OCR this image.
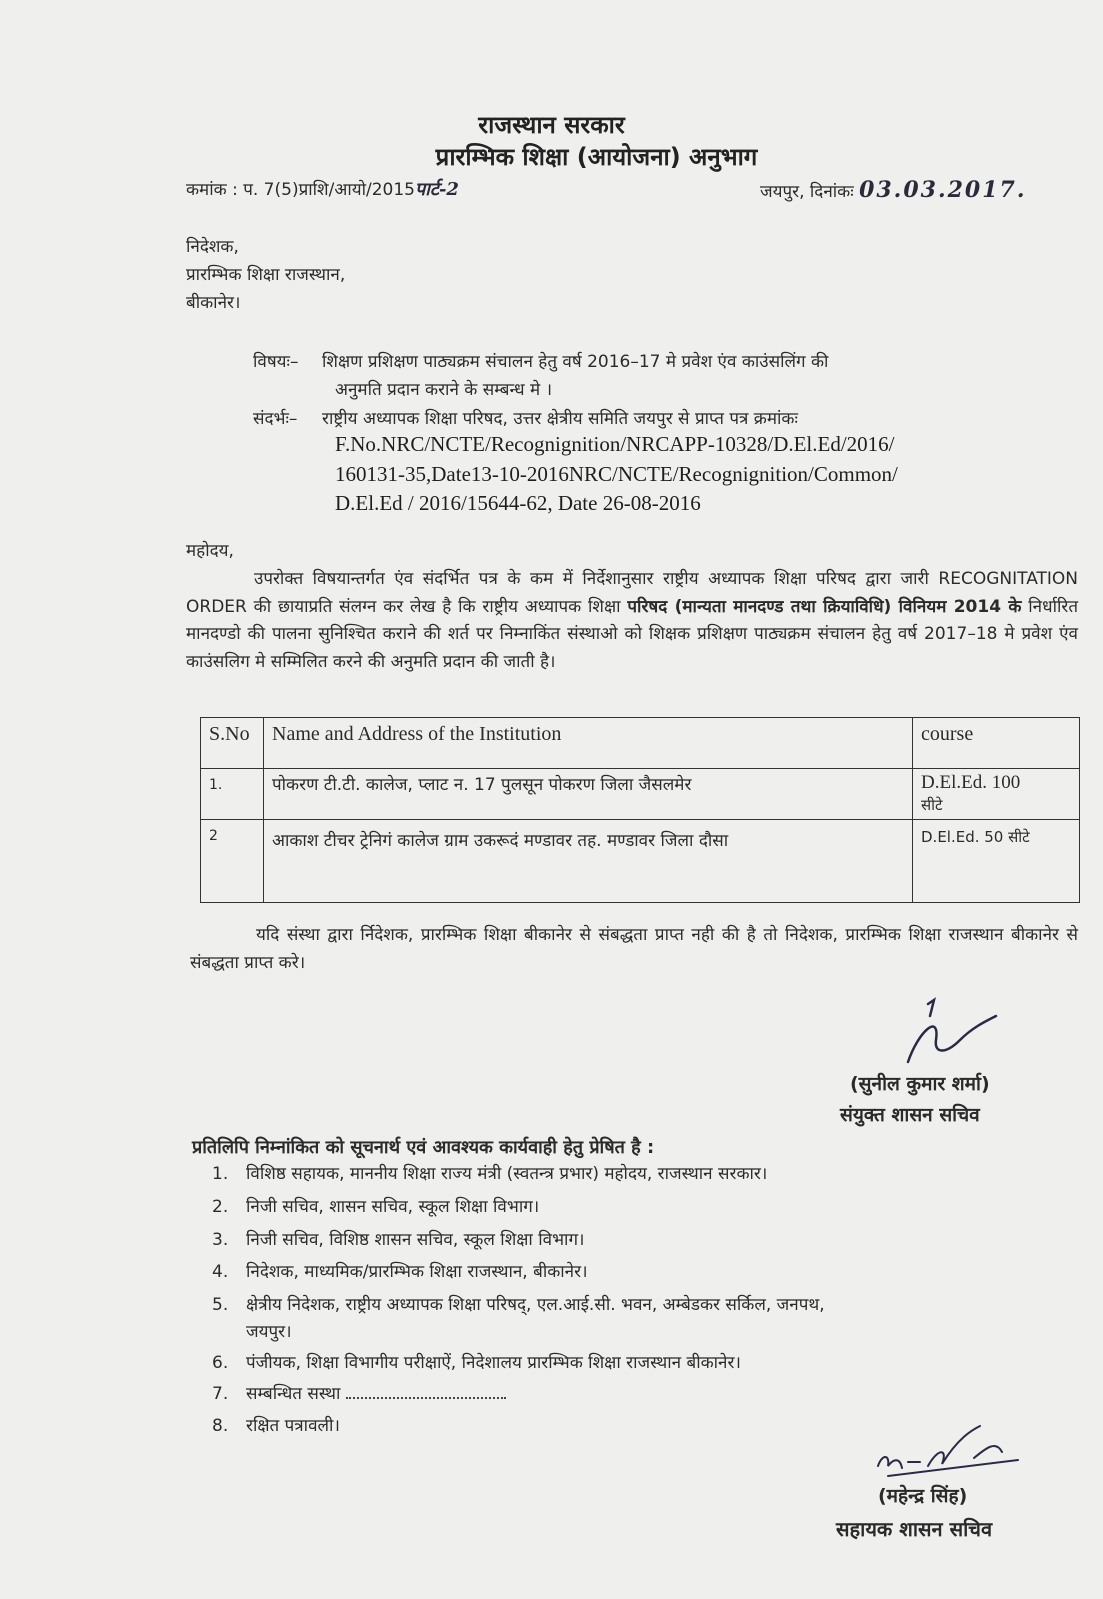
राजस्थान सरकार
प्रारम्भिक शिक्षा (आयोजना) अनुभाग
कमांक : प. 7(5)प्राशि/आयो/2015पार्ट-2	जयपुर, दिनांकः 03.03.2017.
निदेशक,
प्रारम्भिक शिक्षा राजस्थान,
बीकानेर।
विषयः– शिक्षण प्रशिक्षण पाठ्यक्रम संचालन हेतु वर्ष 2016–17 मे प्रवेश एंव काउंसलिंग की
अनुमति प्रदान कराने के सम्बन्ध मे ।
संदर्भः– राष्ट्रीय अध्यापक शिक्षा परिषद, उत्तर क्षेत्रीय समिति जयपुर से प्राप्त पत्र क्रमांकः
F.No.NRC/NCTE/Recognignition/NRCAPP-10328/D.El.Ed/2016/
160131-35,Date13-10-2016NRC/NCTE/Recognignition/Common/
D.El.Ed / 2016/15644-62, Date 26-08-2016
महोदय,
उपरोक्त विषयान्तर्गत एंव संदर्भित पत्र के कम में निर्देशानुसार राष्ट्रीय अध्यापक शिक्षा परिषद द्वारा जारी RECOGNITATION ORDER की छायाप्रति संलग्न कर लेख है कि राष्ट्रीय अध्यापक शिक्षा परिषद (मान्यता मानदण्ड तथा क्रियाविधि) विनियम 2014 के निर्धारित मानदण्डो की पालना सुनिश्चित कराने की शर्त पर निम्नाकिंत संस्थाओ को शिक्षक प्रशिक्षण पाठ्यक्रम संचालन हेतु वर्ष 2017–18 मे प्रवेश एंव काउंसलिग मे सम्मिलित करने की अनुमति प्रदान की जाती है।
S.No	Name and Address of the Institution	course
1.	पोकरण टी.टी. कालेज, प्लाट न. 17 पुलसून पोकरण जिला जैसलमेर	D.El.Ed. 100
सीटे
2	आकाश टीचर ट्रेनिगं कालेज ग्राम उकरूदं मण्डावर तह. मण्डावर जिला दौसा	D.El.Ed. 50 सीटे
यदि संस्था द्वारा र्निदेशक, प्रारम्भिक शिक्षा बीकानेर से संबद्धता प्राप्त नही की है तो निदेशक, प्रारम्भिक शिक्षा राजस्थान बीकानेर से संबद्धता प्राप्त करे।
(सुनील कुमार शर्मा)
संयुक्त शासन सचिव
प्रतिलिपि निम्नांकित को सूचनार्थ एवं आवश्यक कार्यवाही हेतु प्रेषित है :
1. विशिष्ठ सहायक, माननीय शिक्षा राज्य मंत्री (स्वतन्त्र प्रभार) महोदय, राजस्थान सरकार।
2. निजी सचिव, शासन सचिव, स्कूल शिक्षा विभाग।
3. निजी सचिव, विशिष्ठ शासन सचिव, स्कूल शिक्षा विभाग।
4. निदेशक, माध्यमिक/प्रारम्भिक शिक्षा राजस्थान, बीकानेर।
5. क्षेत्रीय निदेशक, राष्ट्रीय अध्यापक शिक्षा परिषद्, एल.आई.सी. भवन, अम्बेडकर सर्किल, जनपथ,
जयपुर।
6. पंजीयक, शिक्षा विभागीय परीक्षाऐं, निदेशालय प्रारम्भिक शिक्षा राजस्थान बीकानेर।
7. सम्बन्धित सस्था
8. रक्षित पत्रावली।
(महेन्द्र सिंह)
सहायक शासन सचिव
